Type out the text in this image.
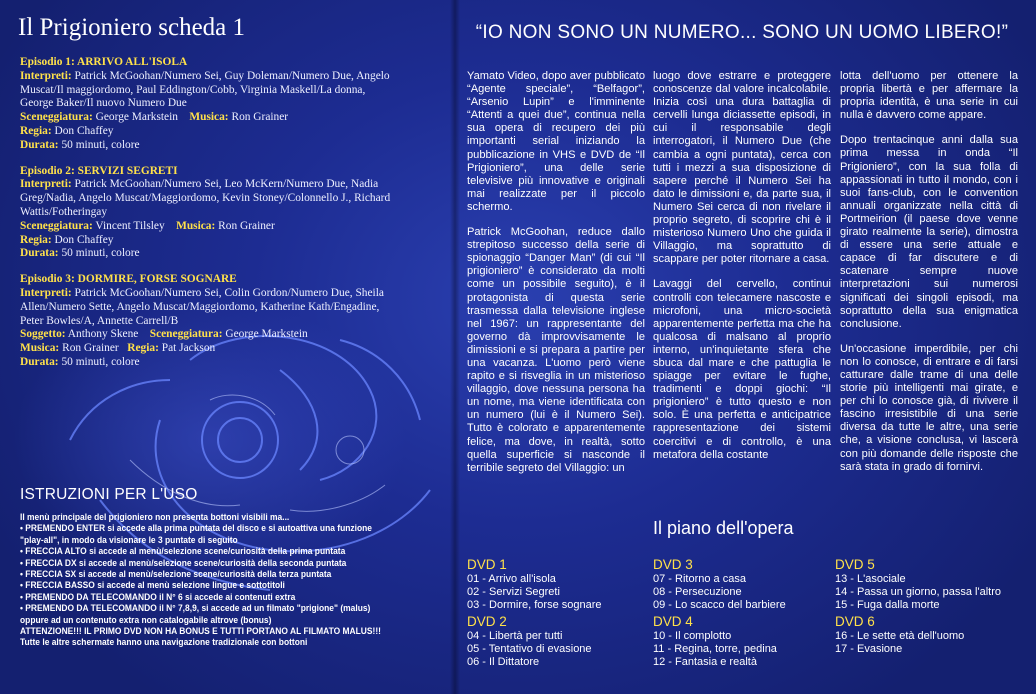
Il Prigioniero scheda 1
Episodio 1: ARRIVO ALL'ISOLA
Interpreti: Patrick McGoohan/Numero Sei, Guy Doleman/Numero Due, Angelo Muscat/Il maggiordomo, Paul Eddington/Cobb, Virginia Maskell/La donna, George Baker/Il nuovo Numero Due
Sceneggiatura: George Markstein Musica: Ron Grainer
Regia: Don Chaffey
Durata: 50 minuti, colore
Episodio 2: SERVIZI SEGRETI
Interpreti: Patrick McGoohan/Numero Sei, Leo McKern/Numero Due, Nadia Greg/Nadia, Angelo Muscat/Maggiordomo, Kevin Stoney/Colonnello J., Richard Wattis/Fotheringay
Sceneggiatura: Vincent Tilsley Musica: Ron Grainer
Regia: Don Chaffey
Durata: 50 minuti, colore
Episodio 3: DORMIRE, FORSE SOGNARE
Interpreti: Patrick McGoohan/Numero Sei, Colin Gordon/Numero Due, Sheila Allen/Numero Sette, Angelo Muscat/Maggiordomo, Katherine Kath/Engadine, Peter Bowles/A, Annette Carrell/B
Soggetto: Anthony Skene Sceneggiatura: George Markstein
Musica: Ron Grainer Regia: Pat Jackson
Durata: 50 minuti, colore
ISTRUZIONI PER L'USO
Il menù principale del prigioniero non presenta bottoni visibili ma...
• PREMENDO ENTER si accede alla prima puntata del disco e si autoattiva una funzione
"play-all", in modo da visionare le 3 puntate di seguito
• FRECCIA ALTO si accede al menù/selezione scene/curiosità della prima puntata
• FRECCIA DX si accede al menù/selezione scene/curiosità della seconda puntata
• FRECCIA SX si accede al menù/selezione scene/curiosità della terza puntata
• FRECCIA BASSO si accede al menù selezione lingue e sottotitoli
• PREMENDO DA TELECOMANDO il N° 6 si accede ai contenuti extra
• PREMENDO DA TELECOMANDO il N° 7,8,9, si accede ad un filmato "prigione" (malus)
oppure ad un contenuto extra non catalogabile altrove (bonus)
ATTENZIONE!!! IL PRIMO DVD NON HA BONUS E TUTTI PORTANO AL FILMATO MALUS!!!
Tutte le altre schermate hanno una navigazione tradizionale con bottoni
“IO NON SONO UN NUMERO... SONO UN UOMO LIBERO!”

Yamato Video, dopo aver pubblicato “Agente speciale”, “Belfagor”, “Arsenio Lupin” e l'imminente “Attenti a quei due”, continua nella sua opera di recupero dei più importanti serial iniziando la pubblicazione in VHS e DVD de “Il Prigioniero”, una delle serie televisive più innovative e originali mai realizzate per il piccolo schermo.

Patrick McGoohan, reduce dallo strepitoso successo della serie di spionaggio “Danger Man” (di cui “Il prigioniero” è considerato da molti come un possibile seguito), è il protagonista di questa serie trasmessa dalla televisione inglese nel 1967: un rappresentante del governo dà improvvisamente le dimissioni e si prepara a partire per una vacanza. L'uomo però viene rapito e si risveglia in un misterioso villaggio, dove nessuna persona ha un nome, ma viene identificata con un numero (lui è il Numero Sei). Tutto è colorato e apparentemente felice, ma dove, in realtà, sotto quella superficie si nasconde il terribile segreto del Villaggio: un

luogo dove estrarre e proteggere conoscenze dal valore incalcolabile. Inizia così una dura battaglia di cervelli lunga diciassette episodi, in cui il responsabile degli interrogatori, il Numero Due (che cambia a ogni puntata), cerca con tutti i mezzi a sua disposizione di sapere perché il Numero Sei ha dato le dimissioni e, da parte sua, il Numero Sei cerca di non rivelare il proprio segreto, di scoprire chi è il misterioso Numero Uno che guida il Villaggio, ma soprattutto di scappare per poter ritornare a casa.

Lavaggi del cervello, continui controlli con telecamere nascoste e microfoni, una micro-società apparentemente perfetta ma che ha qualcosa di malsano al proprio interno, un'inquietante sfera che sbuca dal mare e che pattuglia le spiagge per evitare le fughe, tradimenti e doppi giochi: “Il prigioniero” è tutto questo e non solo. È una perfetta e anticipatrice rappresentazione dei sistemi coercitivi e di controllo, è una metafora della costante

lotta dell'uomo per ottenere la propria libertà e per affermare la propria identità, è una serie in cui nulla è davvero come appare.

Dopo trentacinque anni dalla sua prima messa in onda “Il Prigioniero”, con la sua folla di appassionati in tutto il mondo, con i suoi fans-club, con le convention annuali organizzate nella città di Portmeirion (il paese dove venne girato realmente la serie), dimostra di essere una serie attuale e capace di far discutere e di scatenare sempre nuove interpretazioni sui numerosi significati dei singoli episodi, ma soprattutto della sua enigmatica conclusione.

Un'occasione imperdibile, per chi non lo conosce, di entrare e di farsi catturare dalle trame di una delle storie più intelligenti mai girate, e per chi lo conosce già, di rivivere il fascino irresistibile di una serie diversa da tutte le altre, una serie che, a visione conclusa, vi lascerà con più domande delle risposte che sarà stata in grado di fornirvi.

Il piano dell'opera
DVD 1
01 - Arrivo all'isola
02 - Servizi Segreti
03 - Dormire, forse sognare
DVD 2
04 - Libertà per tutti
05 - Tentativo di evasione
06 - Il Dittatore
DVD 3
07 - Ritorno a casa
08 - Persecuzione
09 - Lo scacco del barbiere
DVD 4
10 - Il complotto
11 - Regina, torre, pedina
12 - Fantasia e realtà
DVD 5
13 - L'asociale
14 - Passa un giorno, passa l'altro
15 - Fuga dalla morte
DVD 6
16 - Le sette età dell'uomo
17 - Evasione
